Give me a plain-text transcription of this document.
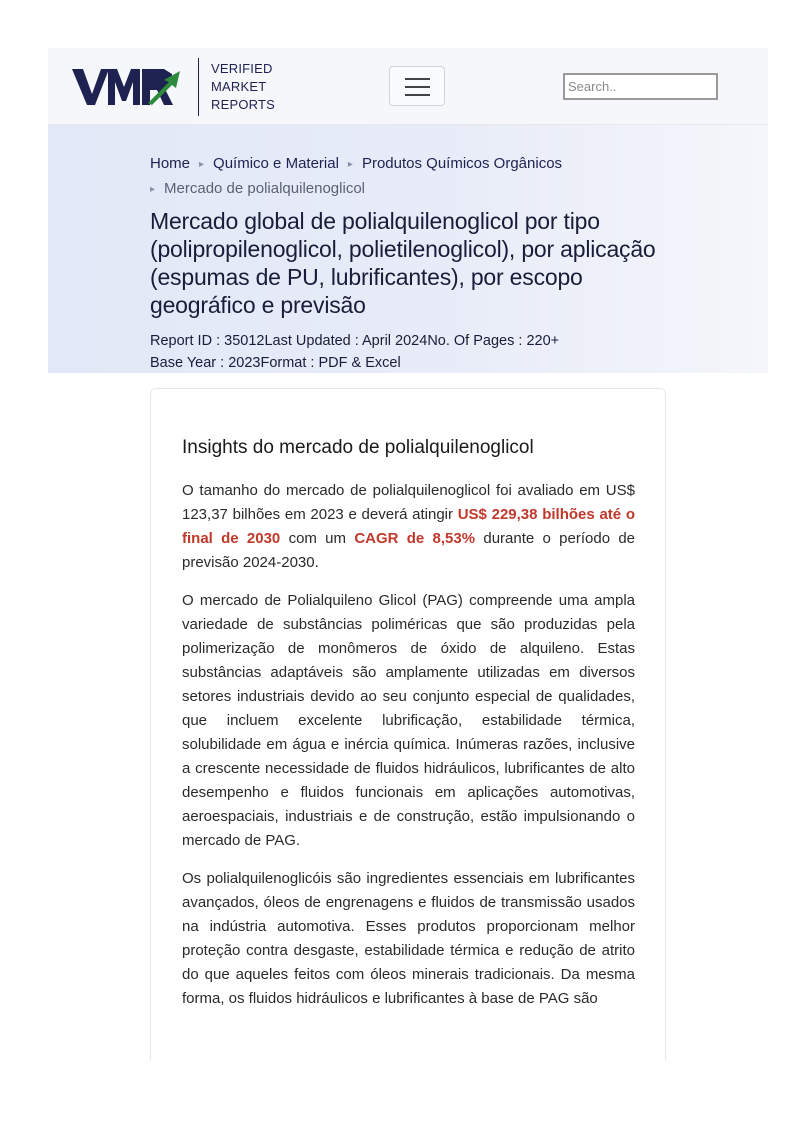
VERIFIED
MARKET
REPORTS
Search..
Home ▸ Químico e Material ▸ Produtos Químicos Orgânicos
▸ Mercado de polialquilenoglicol
Mercado global de polialquilenoglicol por tipo (polipropilenoglicol, polietilenoglicol), por aplicação (espumas de PU, lubrificantes), por escopo geográfico e previsão
Report ID : 35012Last Updated : April 2024No. Of Pages : 220+
Base Year : 2023Format : PDF & Excel
Insights do mercado de polialquilenoglicol

O tamanho do mercado de polialquilenoglicol foi avaliado em US$ 123,37 bilhões em 2023 e deverá atingir US$ 229,38 bilhões até o final de 2030 com um CAGR de 8,53% durante o período de previsão 2024-2030.

O mercado de Polialquileno Glicol (PAG) compreende uma ampla variedade de substâncias poliméricas que são produzidas pela polimerização de monômeros de óxido de alquileno. Estas substâncias adaptáveis são amplamente utilizadas em diversos setores industriais devido ao seu conjunto especial de qualidades, que incluem excelente lubrificação, estabilidade térmica, solubilidade em água e inércia química. Inúmeras razões, inclusive a crescente necessidade de fluidos hidráulicos, lubrificantes de alto desempenho e fluidos funcionais em aplicações automotivas, aeroespaciais, industriais e de construção, estão impulsionando o mercado de PAG.

Os polialquilenoglicóis são ingredientes essenciais em lubrificantes avançados, óleos de engrenagens e fluidos de transmissão usados na indústria automotiva. Esses produtos proporcionam melhor proteção contra desgaste, estabilidade térmica e redução de atrito do que aqueles feitos com óleos minerais tradicionais. Da mesma forma, os fluidos hidráulicos e lubrificantes à base de PAG são
